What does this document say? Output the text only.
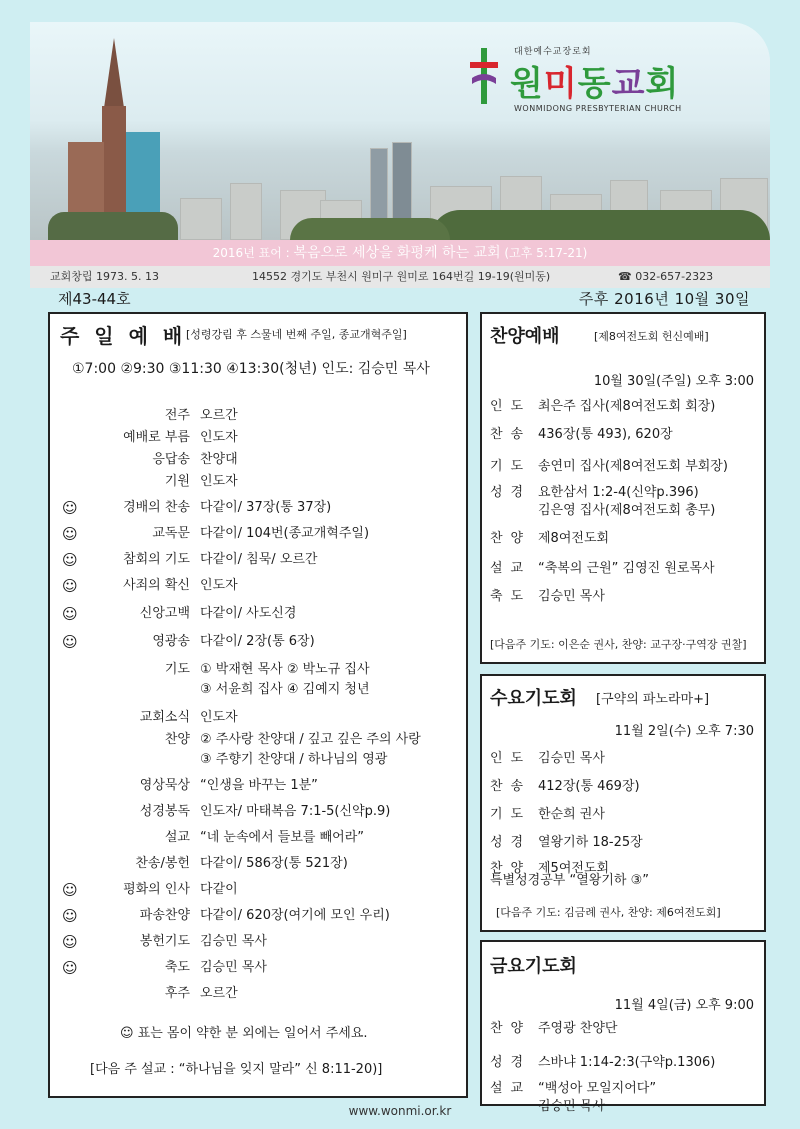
대한예수교장로회
원미동교회
WONMIDONG PRESBYTERIAN CHURCH
2016년 표어 : 복음으로 세상을 화평케 하는 교회 (고후 5:17-21)
교회창립 1973. 5. 13	14552 경기도 부천시 원미구 원미로 164번길 19-19(원미동)	☎ 032-657-2323
제43-44호	주후 2016년 10월 30일
주 일 예 배 [성령강림 후 스물네 번째 주일, 종교개혁주일]
①7:00 ②9:30 ③11:30 ④13:30(청년) 인도: 김승민 목사
전주 오르간
예배로 부름 인도자
응답송 찬양대
기원 인도자
☺	경배의 찬송 다같이/ 37장(통 37장)
☺	교독문 다같이/ 104번(종교개혁주일)
☺	참회의 기도 다같이/ 침묵/ 오르간
☺	사죄의 확신 인도자
☺	신앙고백 다같이/ 사도신경
☺	영광송 다같이/ 2장(통 6장)
기도 ① 박재현 목사 ② 박노규 집사
③ 서윤희 집사 ④ 김예지 청년
교회소식 인도자
찬양 ② 주사랑 찬양대 / 깊고 깊은 주의 사랑
③ 주향기 찬양대 / 하나님의 영광
영상묵상 “인생을 바꾸는 1분”
성경봉독 인도자/ 마태복음 7:1-5(신약p.9)
설교 “네 눈속에서 들보를 빼어라”
찬송/봉헌 다같이/ 586장(통 521장)
☺	평화의 인사 다같이
☺	파송찬양 다같이/ 620장(여기에 모인 우리)
☺	봉헌기도 김승민 목사
☺	축도 김승민 목사
후주 오르간
☺ 표는 몸이 약한 분 외에는 일어서 주세요.
[다음 주 설교 : “하나님을 잊지 말라” 신 8:11-20)]
찬양예배	[제8여전도회 헌신예배]
10월 30일(주일) 오후 3:00
인도 최은주 집사(제8여전도회 회장)
찬송 436장(통 493), 620장
기도 송연미 집사(제8여전도회 부회장)
성경 요한삼서 1:2-4(신약p.396)
김은영 집사(제8여전도회 총무)
찬양 제8여전도회
설교 “축복의 근원” 김영진 원로목사
축도 김승민 목사
[다음주 기도: 이은순 권사, 찬양: 교구장·구역장 권찰]
수요기도회 [구약의 파노라마+]
11월 2일(수) 오후 7:30
인도 김승민 목사
찬송 412장(통 469장)
기도 한순희 권사
성경 열왕기하 18-25장
찬양 제5여전도회
특별성경공부 “열왕기하 ③”
[다음주 기도: 김금례 권사, 찬양: 제6여전도회]
금요기도회
11월 4일(금) 오후 9:00
찬양 주영광 찬양단
성경 스바냐 1:14-2:3(구약p.1306)
설교 “백성아 모일지어다”
김승민 목사
www.wonmi.or.kr
